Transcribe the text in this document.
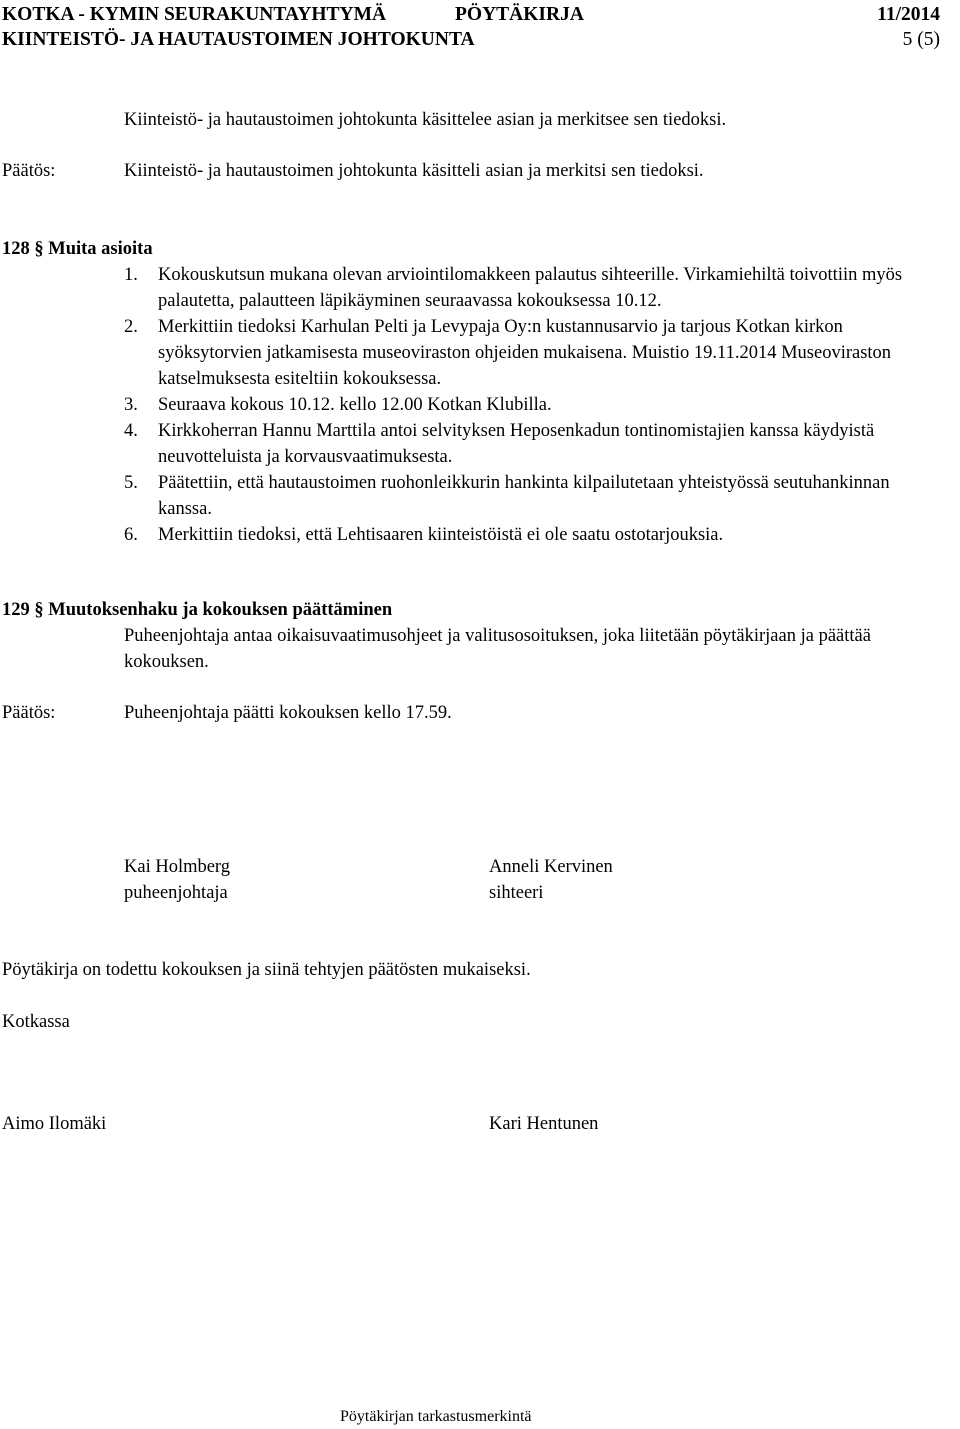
KOTKA - KYMIN SEURAKUNTAYHTYMÄ	PÖYTÄKIRJA	11/2014
KIINTEISTÖ- JA HAUTAUSTOIMEN JOHTOKUNTA	5 (5)
Kiinteistö- ja hautaustoimen johtokunta käsittelee asian ja merkitsee sen tiedoksi.
Päätös:	Kiinteistö- ja hautaustoimen johtokunta käsitteli asian ja merkitsi sen tiedoksi.
128 § Muita asioita
1. Kokouskutsun mukana olevan arviointilomakkeen palautus sihteerille. Virkamiehiltä toivottiin myös palautetta, palautteen läpikäyminen seuraavassa kokouksessa 10.12.
2. Merkittiin tiedoksi Karhulan Pelti ja Levypaja Oy:n kustannusarvio ja tarjous Kotkan kirkon syöksytorvien jatkamisesta museoviraston ohjeiden mukaisena. Muistio 19.11.2014 Museoviraston katselmuksesta esiteltiin kokouksessa.
3. Seuraava kokous 10.12. kello 12.00 Kotkan Klubilla.
4. Kirkkoherran Hannu Marttila antoi selvityksen Heposenkadun tontinomistajien kanssa käydyistä neuvotteluista ja korvausvaatimuksesta.
5. Päätettiin, että hautaustoimen ruohonleikkurin hankinta kilpailutetaan yhteistyössä seutuhankinnan kanssa.
6. Merkittiin tiedoksi, että Lehtisaaren kiinteistöistä ei ole saatu ostotarjouksia.
129 § Muutoksenhaku ja kokouksen päättäminen
Puheenjohtaja antaa oikaisuvaatimusohjeet ja valitusosoituksen, joka liitetään pöytäkirjaan ja päättää kokouksen.
Päätös:	Puheenjohtaja päätti kokouksen kello 17.59.
Kai Holmberg
puheenjohtaja
Anneli Kervinen
sihteeri
Pöytäkirja on todettu kokouksen ja siinä tehtyjen päätösten mukaiseksi.
Kotkassa
Aimo Ilomäki	Kari Hentunen
Pöytäkirjan tarkastusmerkintä
